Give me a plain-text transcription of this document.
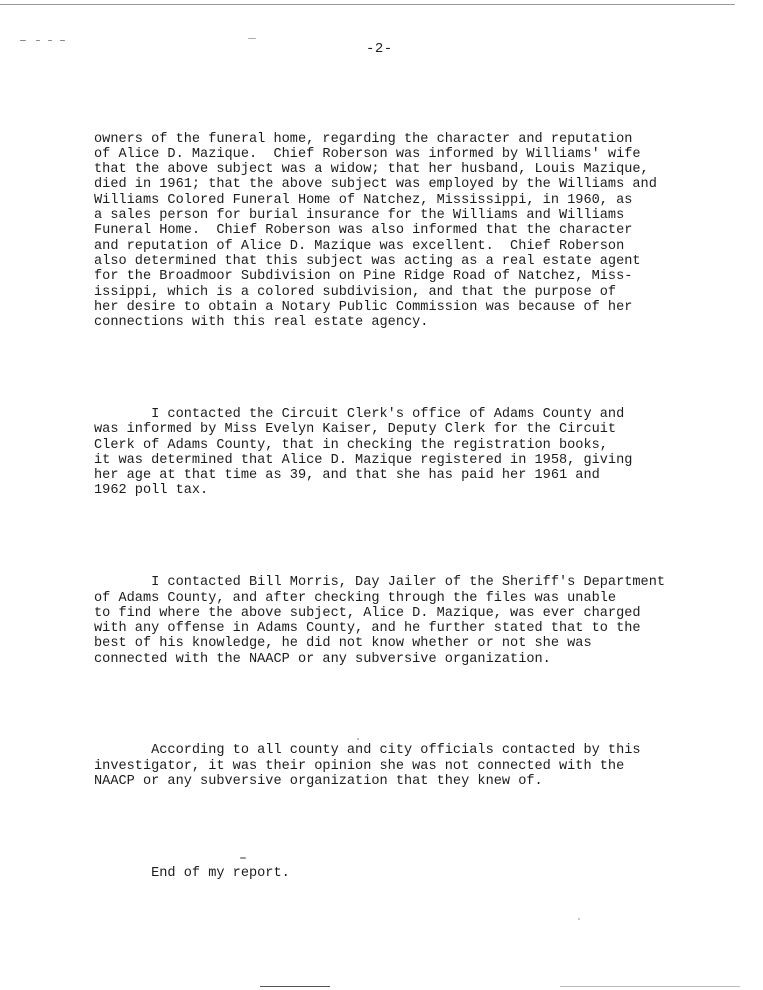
-2-

owners of the funeral home, regarding the character and reputation
of Alice D. Mazique.  Chief Roberson was informed by Williams' wife
that the above subject was a widow; that her husband, Louis Mazique,
died in 1961; that the above subject was employed by the Williams and
Williams Colored Funeral Home of Natchez, Mississippi, in 1960, as
a sales person for burial insurance for the Williams and Williams
Funeral Home.  Chief Roberson was also informed that the character
and reputation of Alice D. Mazique was excellent.  Chief Roberson
also determined that this subject was acting as a real estate agent
for the Broadmoor Subdivision on Pine Ridge Road of Natchez, Miss-
issippi, which is a colored subdivision, and that the purpose of
her desire to obtain a Notary Public Commission was because of her
connections with this real estate agency.

I contacted the Circuit Clerk's office of Adams County and
was informed by Miss Evelyn Kaiser, Deputy Clerk for the Circuit
Clerk of Adams County, that in checking the registration books,
it was determined that Alice D. Mazique registered in 1958, giving
her age at that time as 39, and that she has paid her 1961 and
1962 poll tax.

I contacted Bill Morris, Day Jailer of the Sheriff's Department
of Adams County, and after checking through the files was unable
to find where the above subject, Alice D. Mazique, was ever charged
with any offense in Adams County, and he further stated that to the
best of his knowledge, he did not know whether or not she was
connected with the NAACP or any subversive organization.

According to all county and city officials contacted by this
investigator, it was their opinion she was not connected with the
NAACP or any subversive organization that they knew of.

End of my report.
